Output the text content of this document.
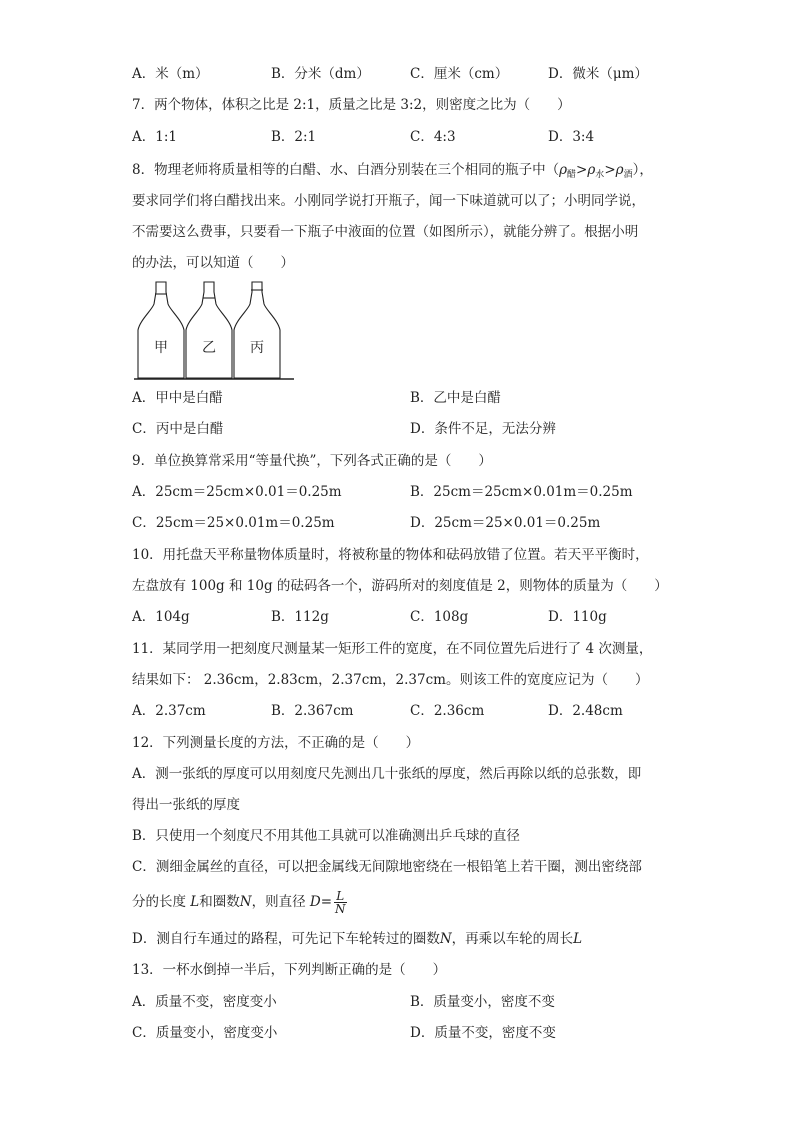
A．米（m）	B．分米（dm）	C．厘米（cm）	D．微米（μm）
7．两个物体，体积之比是 2:1，质量之比是 3:2，则密度之比为（　　）
A．1:1	B．2:1	C．4:3	D．3:4
8．物理老师将质量相等的白醋、水、白酒分别装在三个相同的瓶子中$(\rho_醋>\rho_水>\rho_酒)$，
要求同学们将白醋找出来。小刚同学说打开瓶子，闻一下味道就可以了；小明同学说，
不需要这么费事，只要看一下瓶子中液面的位置（如图所示），就能分辨了。根据小明
的办法，可以知道（　　）
甲 乙 丙
A．甲中是白醋	B．乙中是白醋
C．丙中是白醋	D．条件不足，无法分辨
9．单位换算常采用“等量代换”，下列各式正确的是（　　）
A．25cm＝25cm×0.01＝0.25m	B．25cm＝25cm×0.01m＝0.25m
C．25cm＝25×0.01m＝0.25m	D．25cm＝25×0.01＝0.25m
10．用托盘天平称量物体质量时，将被称量的物体和砝码放错了位置。若天平平衡时，
左盘放有 100g 和 10g 的砝码各一个，游码所对的刻度值是 2，则物体的质量为（　　）
A．104g	B．112g	C．108g	D．110g
11．某同学用一把刻度尺测量某一矩形工件的宽度，在不同位置先后进行了 4 次测量，
结果如下： 2.36cm，2.83cm，2.37cm，2.37cm。则该工件的宽度应记为（　　）
A．2.37cm	B．2.367cm	C．2.36cm	D．2.48cm
12．下列测量长度的方法，不正确的是（　　）
A．测一张纸的厚度可以用刻度尺先测出几十张纸的厚度，然后再除以纸的总张数，即
得出一张纸的厚度
B．只使用一个刻度尺不用其他工具就可以准确测出乒乓球的直径
C．测细金属丝的直径，可以把金属线无间隙地密绕在一根铅笔上若干圈，测出密绕部
分的长度 L和圈数N，则直径 $D= \frac{L}{N}$
D．测自行车通过的路程，可先记下车轮转过的圈数N，再乘以车轮的周长L
13．一杯水倒掉一半后，下列判断正确的是（　　）
A．质量不变，密度变小	B．质量变小，密度不变
C．质量变小，密度变小	D．质量不变，密度不变
